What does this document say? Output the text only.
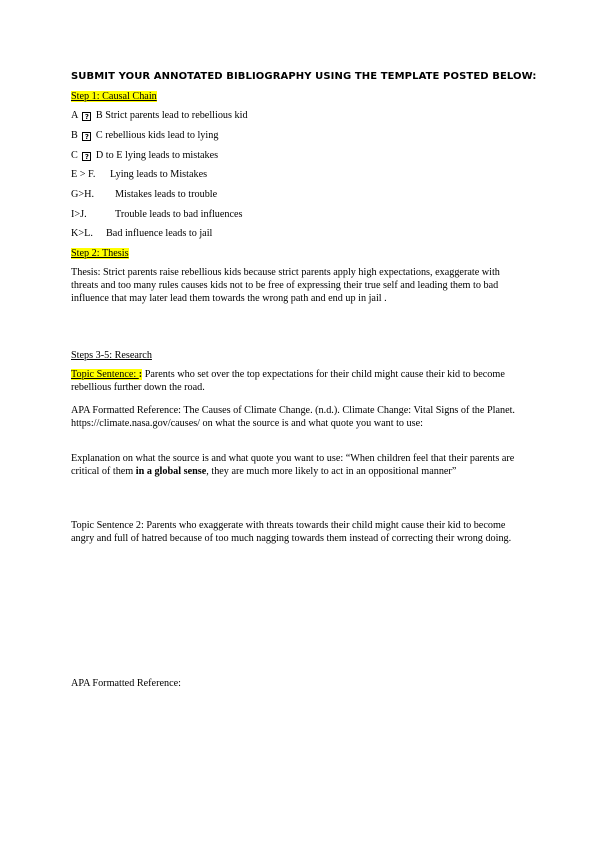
SUBMIT YOUR ANNOTATED BIBLIOGRAPHY USING THE TEMPLATE POSTED BELOW:
Step 1: Causal Chain
A ? B Strict parents lead to rebellious kid
B ? C rebellious kids lead to lying
C ? D to E lying leads to mistakes
E > F. Lying leads to Mistakes
G>H. Mistakes leads to trouble
I>J.	Trouble leads to bad influences
K>L. Bad influence leads to jail
Step 2: Thesis
Thesis: Strict parents raise rebellious kids because strict parents apply high expectations, exaggerate with threats and too many rules causes kids not to be free of expressing their true self and leading them to bad influence that may later lead them towards the wrong path and end up in jail .
Steps 3-5: Research
Topic Sentence: : Parents who set over the top expectations for their child might cause their kid to become rebellious further down the road.
APA Formatted Reference: The Causes of Climate Change. (n.d.). Climate Change: Vital Signs of the Planet. https://climate.nasa.gov/causes/ on what the source is and what quote you want to use:
Explanation on what the source is and what quote you want to use: “When children feel that their parents are critical of them in a global sense, they are much more likely to act in an oppositional manner”
Topic Sentence 2: Parents who exaggerate with threats towards their child might cause their kid to become angry and full of hatred because of too much nagging towards them instead of correcting their wrong doing.
APA Formatted Reference:
